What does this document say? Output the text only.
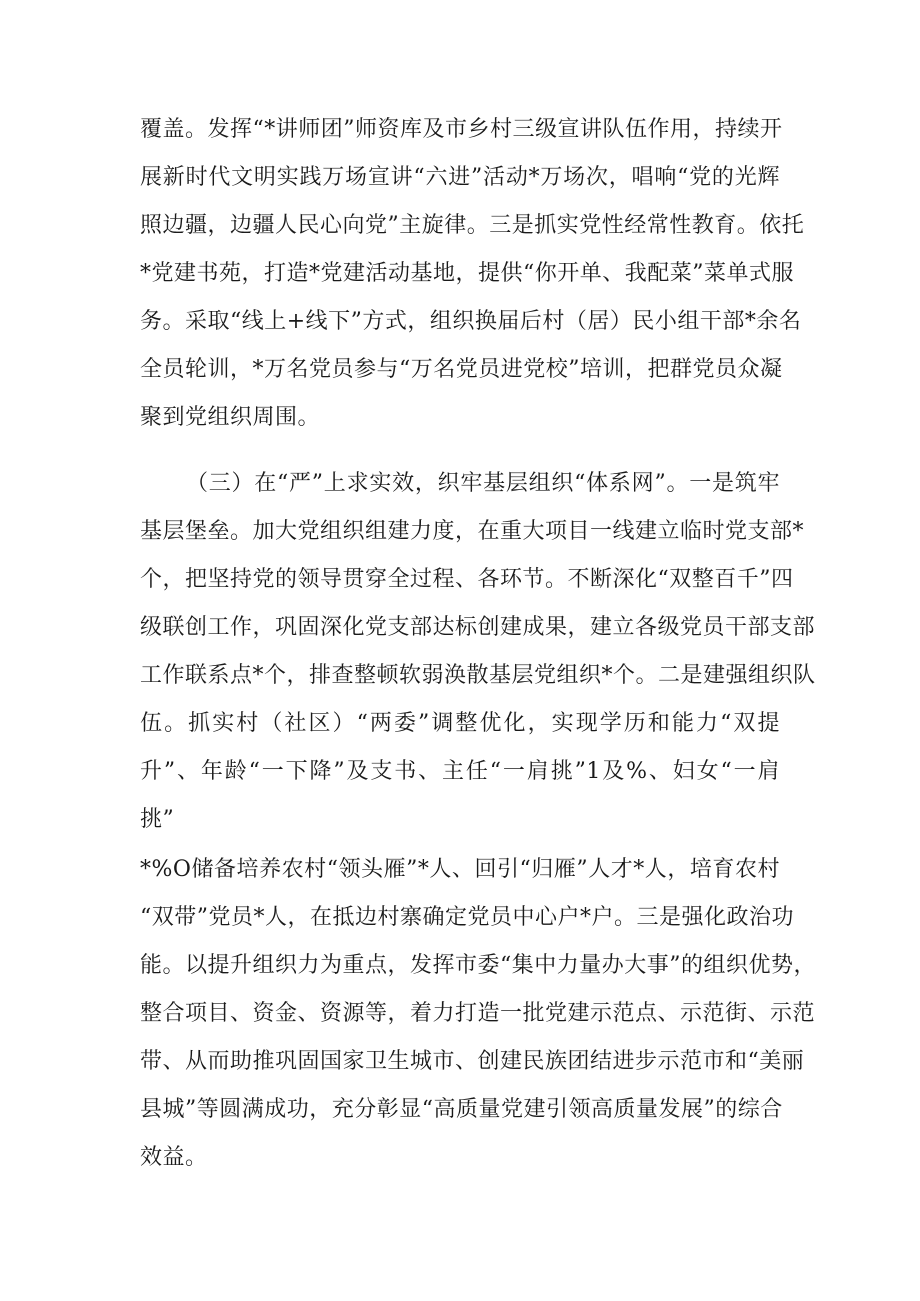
覆盖。发挥“*讲师团”师资库及市乡村三级宣讲队伍作用，持续开
展新时代文明实践万场宣讲“六进”活动*万场次，唱响“党的光辉
照边疆，边疆人民心向党”主旋律。三是抓实党性经常性教育。依托
*党建书苑，打造*党建活动基地，提供“你开单、我配菜”菜单式服
务。采取“线上+线下”方式，组织换届后村（居）民小组干部*余名
全员轮训，*万名党员参与“万名党员进党校”培训，把群党员众凝
聚到党组织周围。
（三）在“严”上求实效，织牢基层组织“体系网”。一是筑牢
基层堡垒。加大党组织组建力度，在重大项目一线建立临时党支部*
个，把坚持党的领导贯穿全过程、各环节。不断深化“双整百千”四
级联创工作，巩固深化党支部达标创建成果，建立各级党员干部支部
工作联系点*个，排查整顿软弱涣散基层党组织*个。二是建强组织队
伍。抓实村（社区）“两委”调整优化，实现学历和能力“双提
升”、年龄“一下降”及支书、主任“一肩挑”1及%、妇女“一肩
挑”
*%O储备培养农村“领头雁”*人、回引“归雁”人才*人，培育农村
“双带”党员*人，在抵边村寨确定党员中心户*户。三是强化政治功
能。以提升组织力为重点，发挥市委“集中力量办大事”的组织优势，
整合项目、资金、资源等，着力打造一批党建示范点、示范街、示范
带、从而助推巩固国家卫生城市、创建民族团结进步示范市和“美丽
县城”等圆满成功，充分彰显“高质量党建引领高质量发展”的综合
效益。
